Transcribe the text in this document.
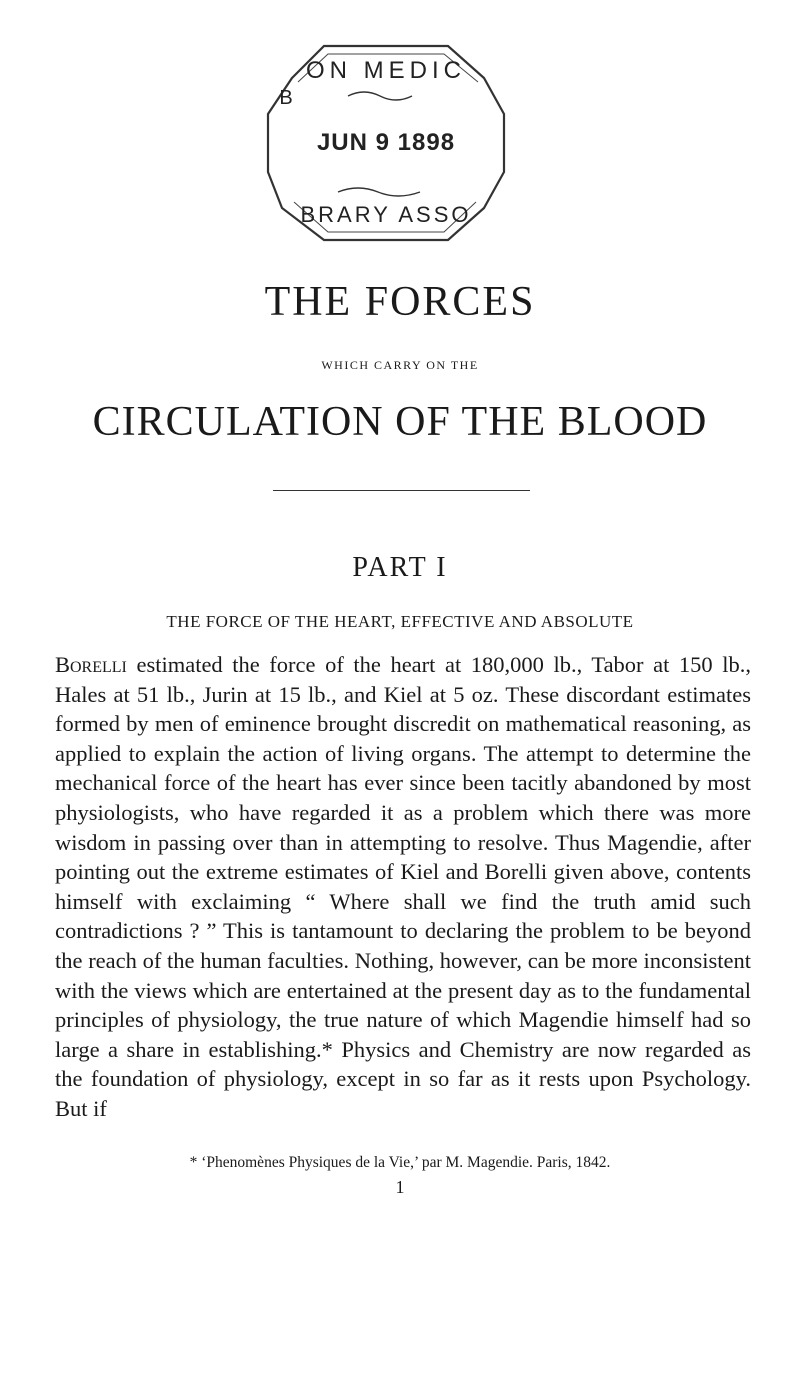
ON MEDIC
B
JUN 9 1898
BRARY ASSO
THE FORCES

WHICH CARRY ON THE

CIRCULATION OF THE BLOOD
PART I

THE FORCE OF THE HEART, EFFECTIVE AND ABSOLUTE

Borelli estimated the force of the heart at 180,000 lb., Tabor at 150 lb., Hales at 51 lb., Jurin at 15 lb., and Kiel at 5 oz. These discordant estimates formed by men of eminence brought discredit on mathematical reasoning, as applied to explain the action of living organs. The attempt to determine the mechanical force of the heart has ever since been tacitly abandoned by most physiologists, who have regarded it as a problem which there was more wisdom in passing over than in attempting to resolve. Thus Magendie, after pointing out the extreme estimates of Kiel and Borelli given above, contents himself with exclaiming “ Where shall we find the truth amid such contradictions ? ” This is tantamount to declaring the problem to be beyond the reach of the human faculties. Nothing, however, can be more inconsistent with the views which are entertained at the present day as to the fundamental principles of physiology, the true nature of which Magendie himself had so large a share in establishing.* Physics and Chemistry are now regarded as the foundation of physiology, except in so far as it rests upon Psychology. But if

* ‘Phenomènes Physiques de la Vie,’ par M. Magendie. Paris, 1842.

1
